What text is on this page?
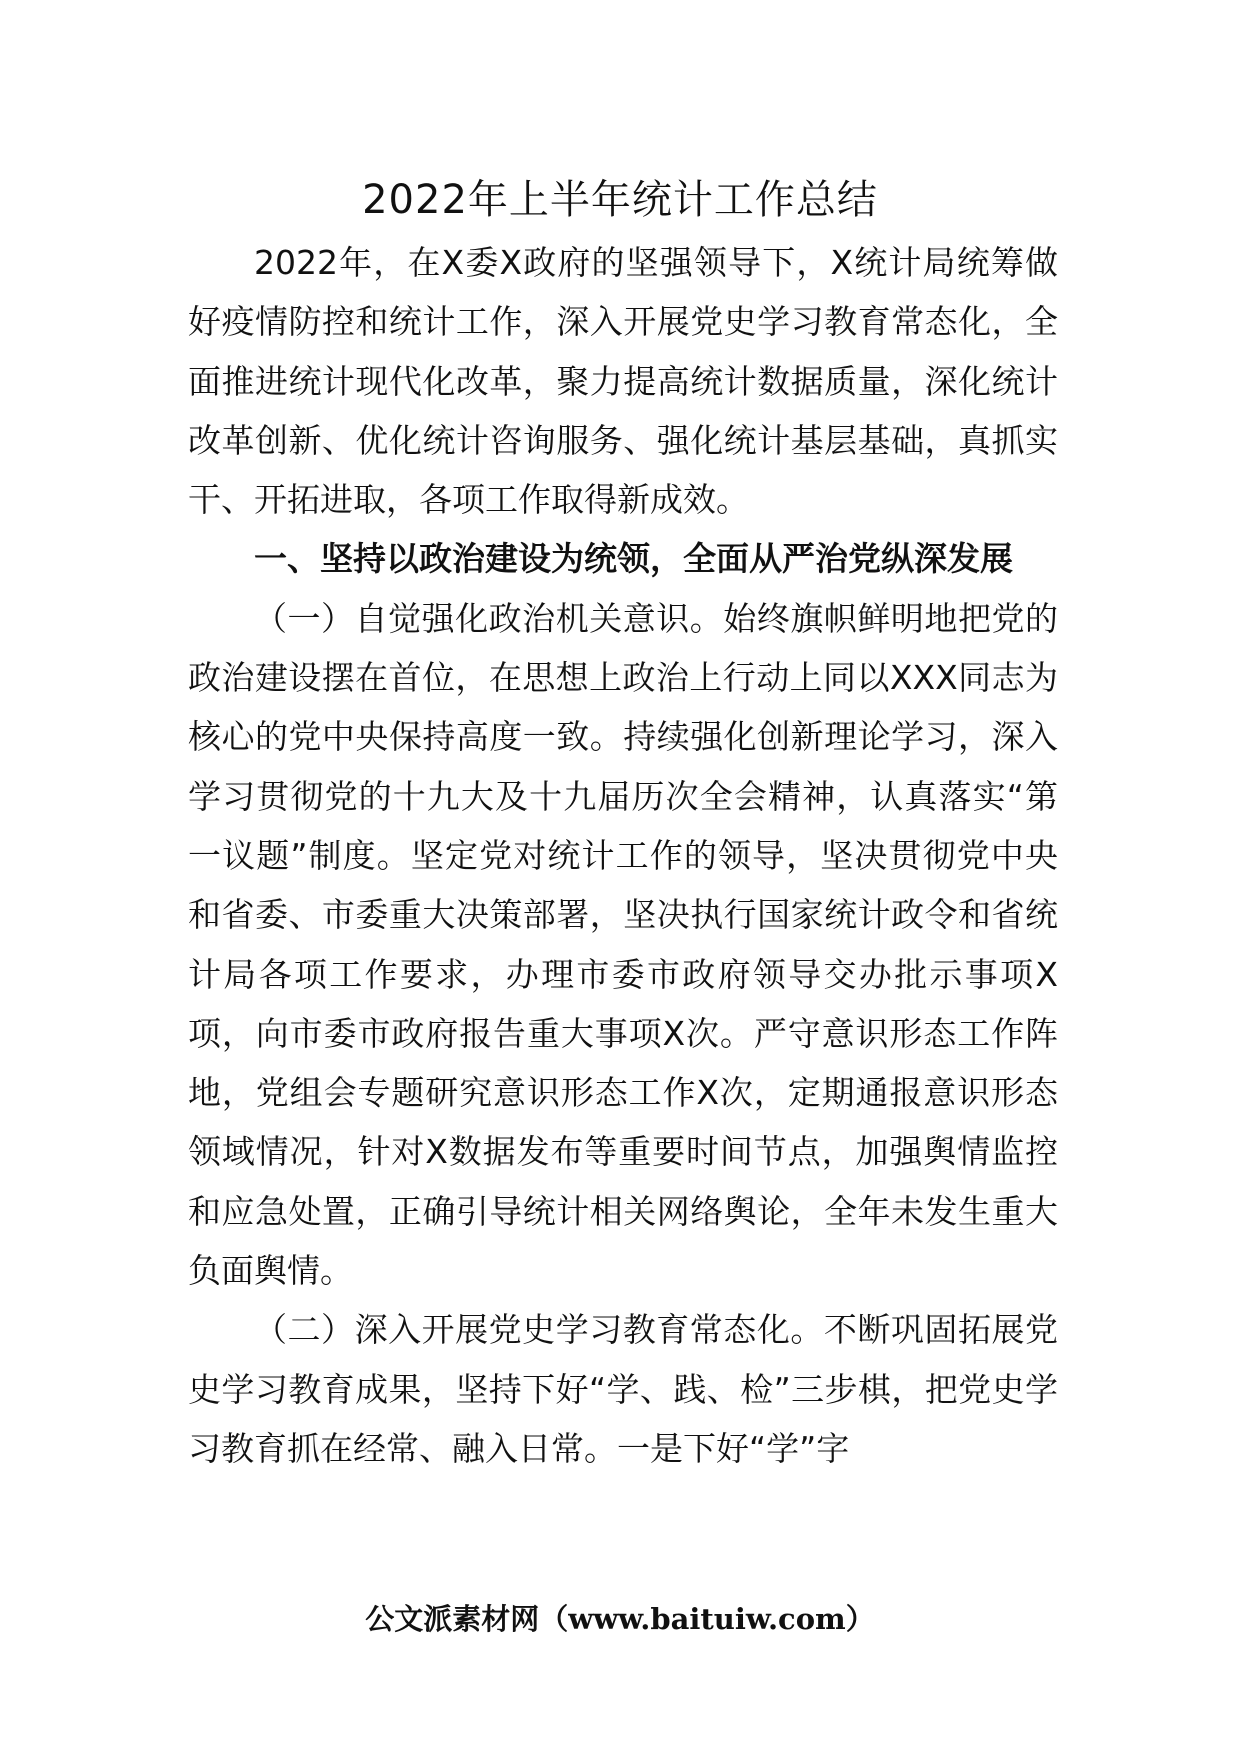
2022年上半年统计工作总结

2022年，在X委X政府的坚强领导下，X统计局统筹做好疫情防控和统计工作，深入开展党史学习教育常态化，全面推进统计现代化改革，聚力提高统计数据质量，深化统计改革创新、优化统计咨询服务、强化统计基层基础，真抓实干、开拓进取，各项工作取得新成效。

一、坚持以政治建设为统领，全面从严治党纵深发展

（一）自觉强化政治机关意识。始终旗帜鲜明地把党的政治建设摆在首位，在思想上政治上行动上同以XXX同志为核心的党中央保持高度一致。持续强化创新理论学习，深入学习贯彻党的十九大及十九届历次全会精神，认真落实“第一议题”制度。坚定党对统计工作的领导，坚决贯彻党中央和省委、市委重大决策部署，坚决执行国家统计政令和省统计局各项工作要求，办理市委市政府领导交办批示事项X项，向市委市政府报告重大事项X次。严守意识形态工作阵地，党组会专题研究意识形态工作X次，定期通报意识形态领域情况，针对X数据发布等重要时间节点，加强舆情监控和应急处置，正确引导统计相关网络舆论，全年未发生重大负面舆情。

（二）深入开展党史学习教育常态化。不断巩固拓展党史学习教育成果，坚持下好“学、践、检”三步棋，把党史学习教育抓在经常、融入日常。一是下好“学”字

公文派素材网（www.baituiw.com）
